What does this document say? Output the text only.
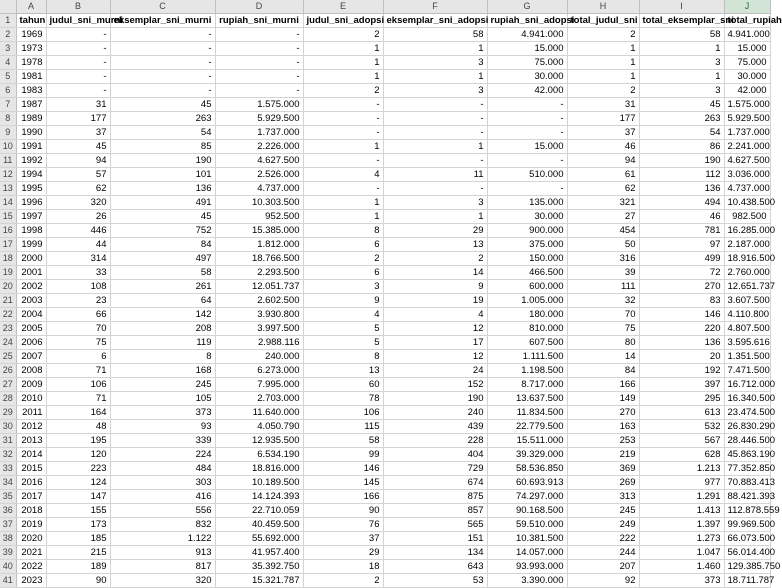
	A	B	C	D	E	F	G	H	I	J
1	tahun	judul_sni_murni	eksemplar_sni_murni	rupiah_sni_murni	judul_sni_adopsi	eksemplar_sni_adopsi	rupiah_sni_adopsi	total_judul_sni	total_eksemplar_sni	total_rupiah
2	1969	-	-	-	2	58	4.941.000	2	58	4.941.000
3	1973	-	-	-	1	1	15.000	1	1	15.000
4	1978	-	-	-	1	3	75.000	1	3	75.000
5	1981	-	-	-	1	1	30.000	1	1	30.000
6	1983	-	-	-	2	3	42.000	2	3	42.000
7	1987	31	45	1.575.000	-	-	-	31	45	1.575.000
8	1989	177	263	5.929.500	-	-	-	177	263	5.929.500
9	1990	37	54	1.737.000	-	-	-	37	54	1.737.000
10	1991	45	85	2.226.000	1	1	15.000	46	86	2.241.000
11	1992	94	190	4.627.500	-	-	-	94	190	4.627.500
12	1994	57	101	2.526.000	4	11	510.000	61	112	3.036.000
13	1995	62	136	4.737.000	-	-	-	62	136	4.737.000
14	1996	320	491	10.303.500	1	3	135.000	321	494	10.438.500
15	1997	26	45	952.500	1	1	30.000	27	46	982.500
16	1998	446	752	15.385.000	8	29	900.000	454	781	16.285.000
17	1999	44	84	1.812.000	6	13	375.000	50	97	2.187.000
18	2000	314	497	18.766.500	2	2	150.000	316	499	18.916.500
19	2001	33	58	2.293.500	6	14	466.500	39	72	2.760.000
20	2002	108	261	12.051.737	3	9	600.000	111	270	12.651.737
21	2003	23	64	2.602.500	9	19	1.005.000	32	83	3.607.500
22	2004	66	142	3.930.800	4	4	180.000	70	146	4.110.800
23	2005	70	208	3.997.500	5	12	810.000	75	220	4.807.500
24	2006	75	119	2.988.116	5	17	607.500	80	136	3.595.616
25	2007	6	8	240.000	8	12	1.111.500	14	20	1.351.500
26	2008	71	168	6.273.000	13	24	1.198.500	84	192	7.471.500
27	2009	106	245	7.995.000	60	152	8.717.000	166	397	16.712.000
28	2010	71	105	2.703.000	78	190	13.637.500	149	295	16.340.500
29	2011	164	373	11.640.000	106	240	11.834.500	270	613	23.474.500
30	2012	48	93	4.050.790	115	439	22.779.500	163	532	26.830.290
31	2013	195	339	12.935.500	58	228	15.511.000	253	567	28.446.500
32	2014	120	224	6.534.190	99	404	39.329.000	219	628	45.863.190
33	2015	223	484	18.816.000	146	729	58.536.850	369	1.213	77.352.850
34	2016	124	303	10.189.500	145	674	60.693.913	269	977	70.883.413
35	2017	147	416	14.124.393	166	875	74.297.000	313	1.291	88.421.393
36	2018	155	556	22.710.059	90	857	90.168.500	245	1.413	112.878.559
37	2019	173	832	40.459.500	76	565	59.510.000	249	1.397	99.969.500
38	2020	185	1.122	55.692.000	37	151	10.381.500	222	1.273	66.073.500
39	2021	215	913	41.957.400	29	134	14.057.000	244	1.047	56.014.400
40	2022	189	817	35.392.750	18	643	93.993.000	207	1.460	129.385.750
41	2023	90	320	15.321.787	2	53	3.390.000	92	373	18.711.787
